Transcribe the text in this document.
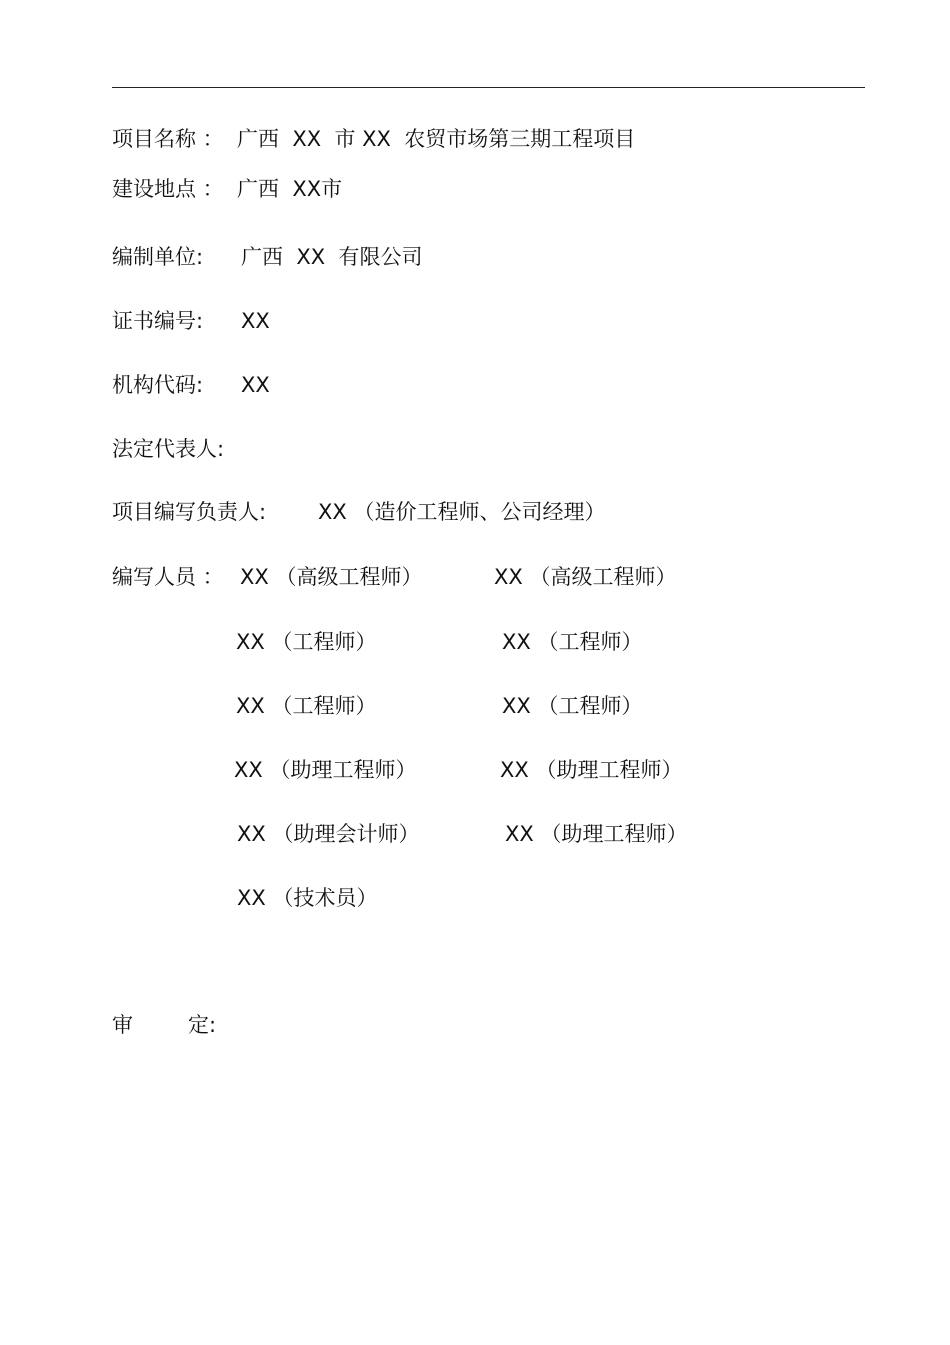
项目名称 ： 广西  XX  市 XX  农贸市场第三期工程项目
建设地点 ： 广西  XX市
编制单位: 广西  XX  有限公司
证书编号: XX
机构代码: XX
法定代表人:
项目编写负责人: XX （造价工程师、公司经理）
编写人员 ： XX （高级工程师）	XX （高级工程师）
XX （工程师）	XX （工程师）
XX （工程师）	XX （工程师）
XX （助理工程师）	XX （助理工程师）
XX （助理会计师）	XX （助理工程师）
XX （技术员）
审	定:
